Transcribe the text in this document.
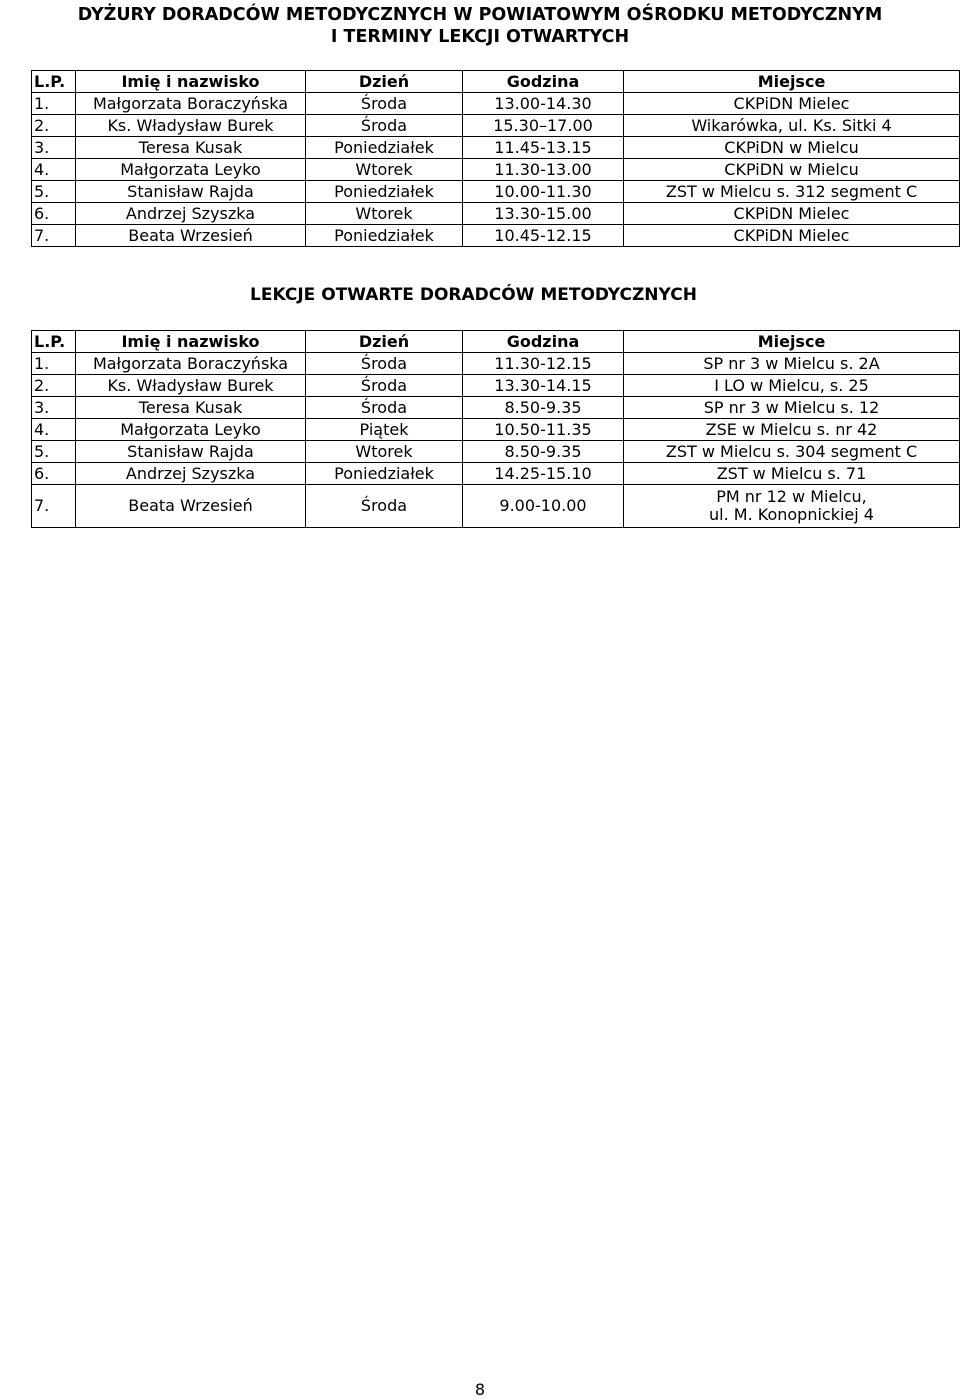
DYŻURY DORADCÓW METODYCZNYCH W POWIATOWYM OŚRODKU METODYCZNYM
I TERMINY LEKCJI OTWARTYCH
L.P.	Imię i nazwisko	Dzień	Godzina	Miejsce
1.	Małgorzata Boraczyńska	Środa	13.00-14.30	CKPiDN Mielec
2.	Ks. Władysław Burek	Środa	15.30–17.00	Wikarówka, ul. Ks. Sitki 4
3.	Teresa Kusak	Poniedziałek	11.45-13.15	CKPiDN w Mielcu
4.	Małgorzata Leyko	Wtorek	11.30-13.00	CKPiDN w Mielcu
5.	Stanisław Rajda	Poniedziałek	10.00-11.30	ZST w Mielcu s. 312 segment C
6.	Andrzej Szyszka	Wtorek	13.30-15.00	CKPiDN Mielec
7.	Beata Wrzesień	Poniedziałek	10.45-12.15	CKPiDN Mielec
LEKCJE OTWARTE DORADCÓW METODYCZNYCH
L.P.	Imię i nazwisko	Dzień	Godzina	Miejsce
1.	Małgorzata Boraczyńska	Środa	11.30-12.15	SP nr 3 w Mielcu s. 2A
2.	Ks. Władysław Burek	Środa	13.30-14.15	I LO w Mielcu, s. 25
3.	Teresa Kusak	Środa	8.50-9.35	SP nr 3 w Mielcu s. 12
4.	Małgorzata Leyko	Piątek	10.50-11.35	ZSE w Mielcu s. nr 42
5.	Stanisław Rajda	Wtorek	8.50-9.35	ZST w Mielcu s. 304 segment C
6.	Andrzej Szyszka	Poniedziałek	14.25-15.10	ZST w Mielcu s. 71
7.	Beata Wrzesień	Środa	9.00-10.00	PM nr 12 w Mielcu,
ul. M. Konopnickiej 4
8
